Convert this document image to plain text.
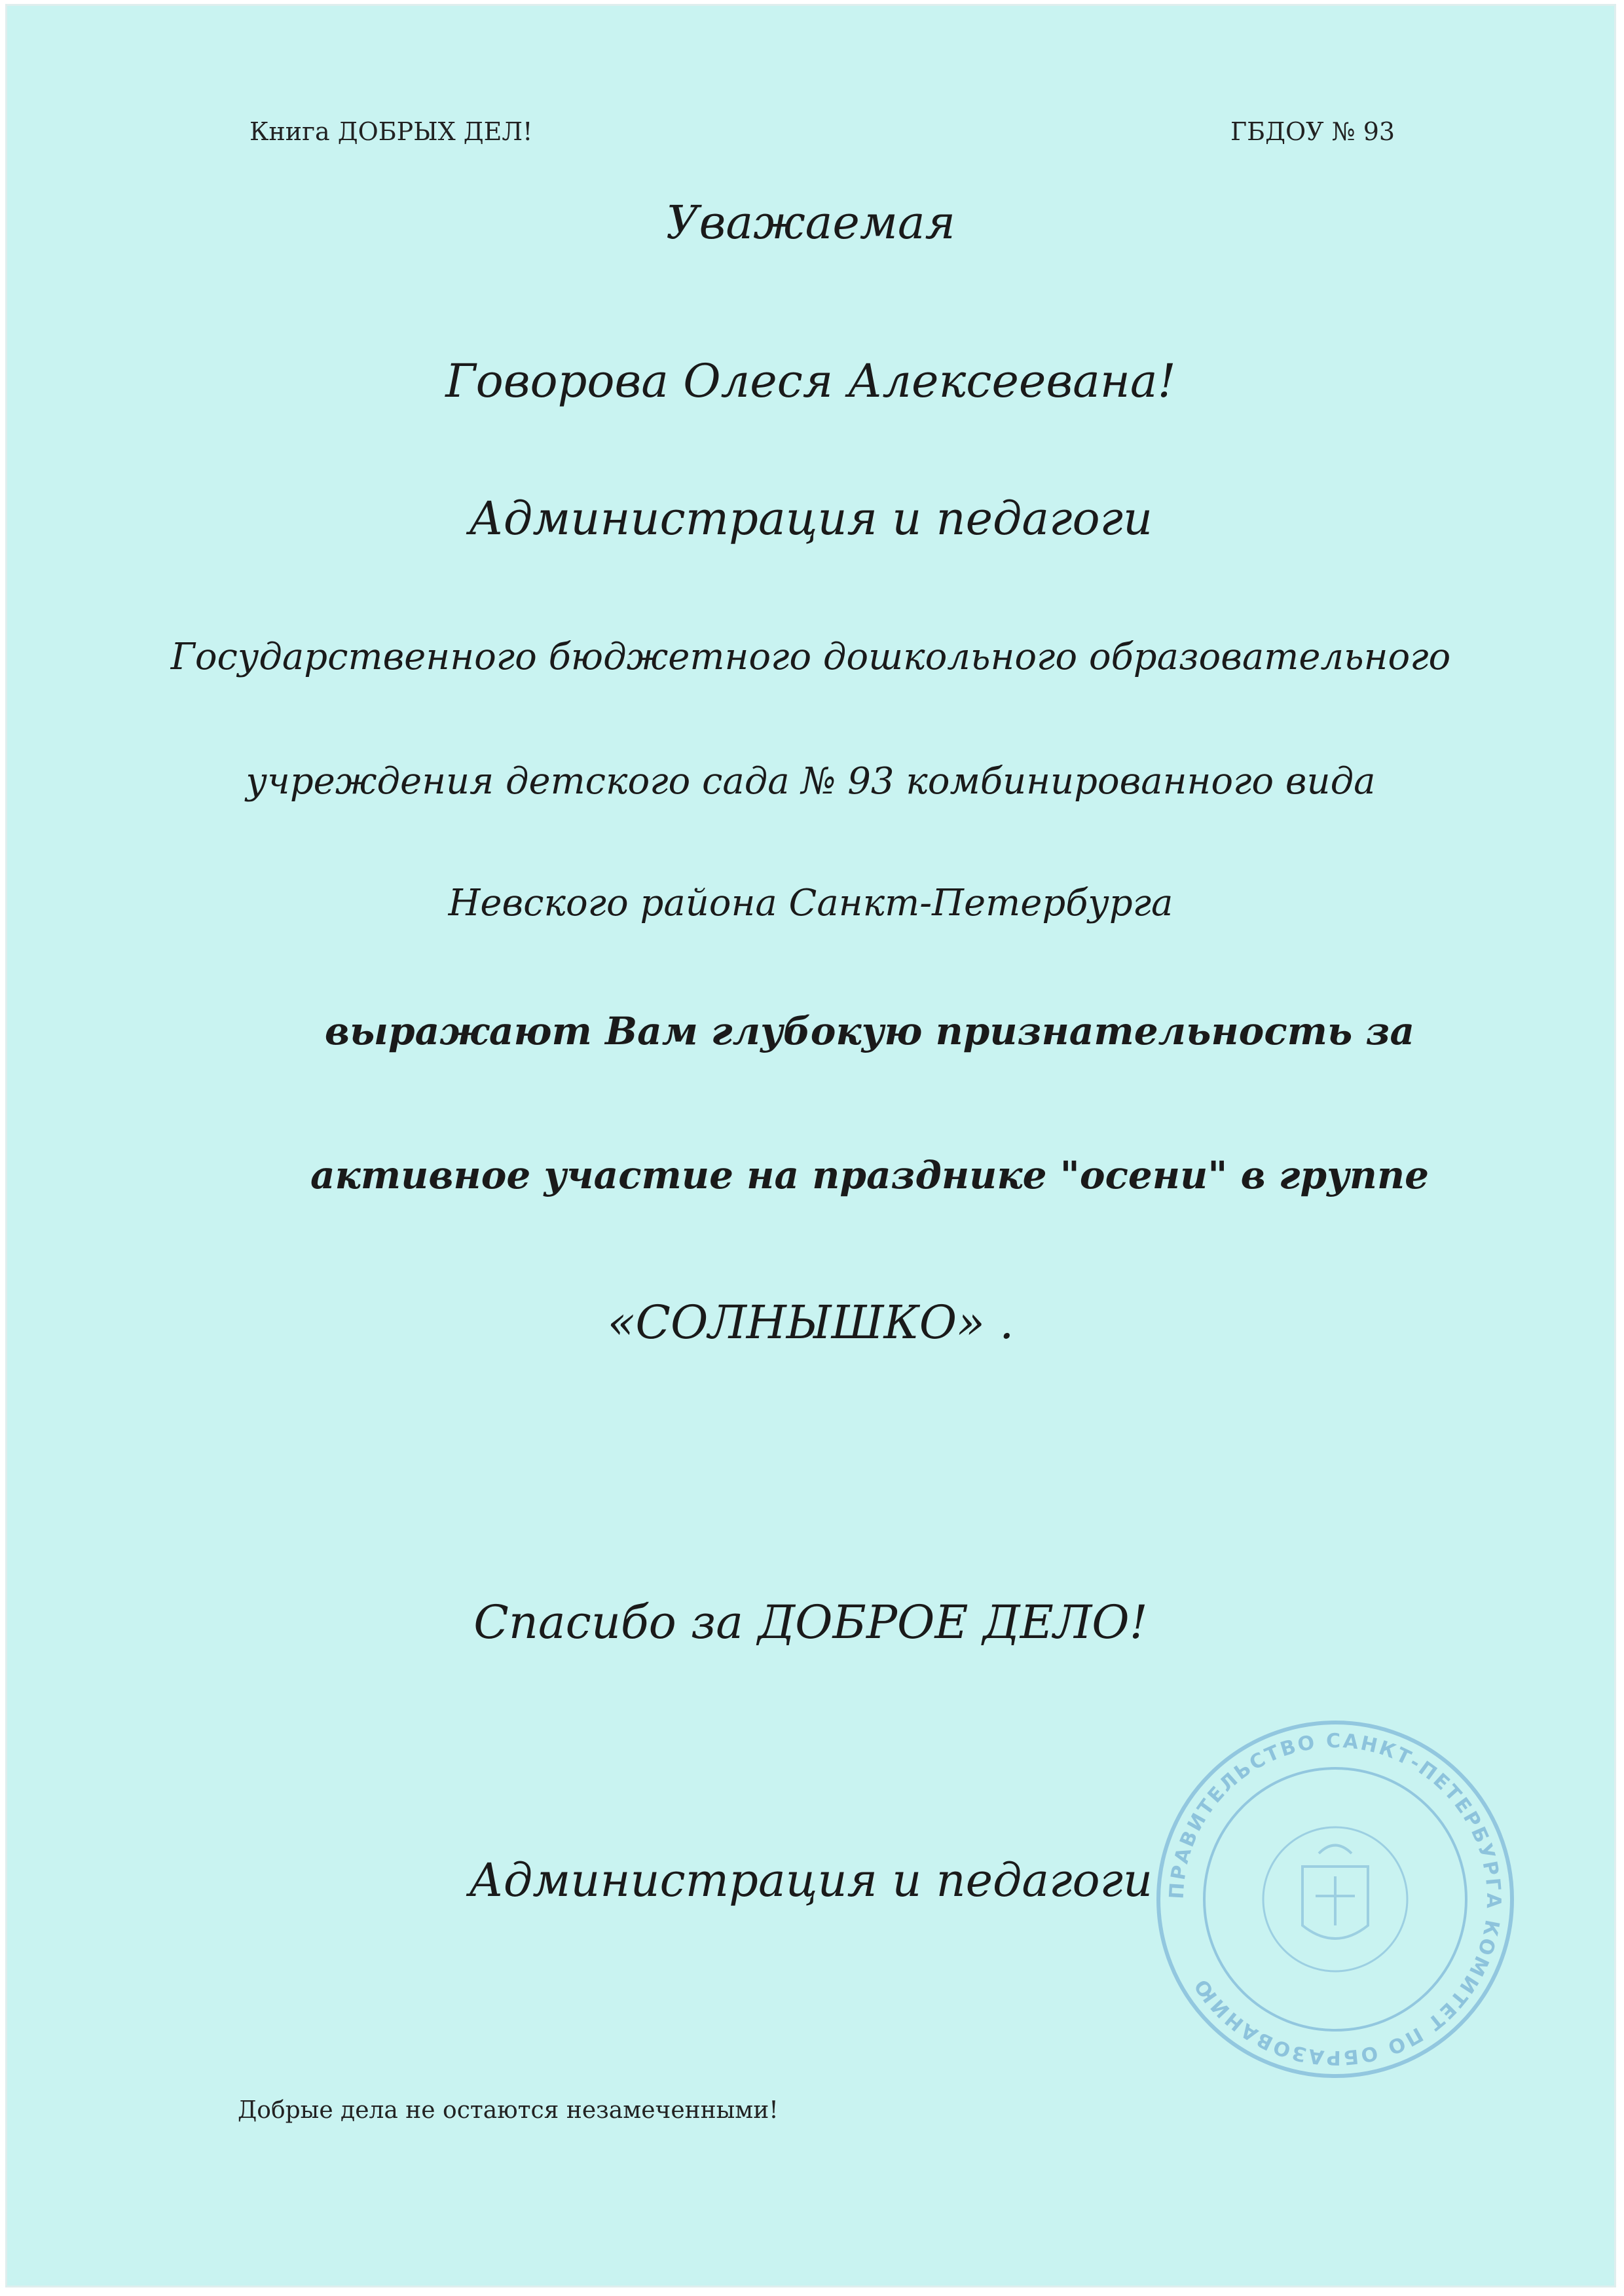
Книга ДОБРЫХ ДЕЛ!	ГБДОУ № 93
Уважаемая
Говорова Олеся Алексеевана!
Администрация и педагоги
Государственного бюджетного дошкольного образовательного
учреждения детского сада № 93 комбинированного вида
Невского района Санкт-Петербурга
выражают Вам глубокую признательность за
активное участие на празднике "осени" в группе
«СОЛНЫШКО» .
Спасибо за ДОБРОЕ ДЕЛО!
Администрация и педагоги ПРАВИТЕЛЬСТВО САНКТ-ПЕТЕРБУРГА КОМИТЕТ ПО ОБРАЗОВАНИЮ
Добрые дела не остаются незамеченными!
